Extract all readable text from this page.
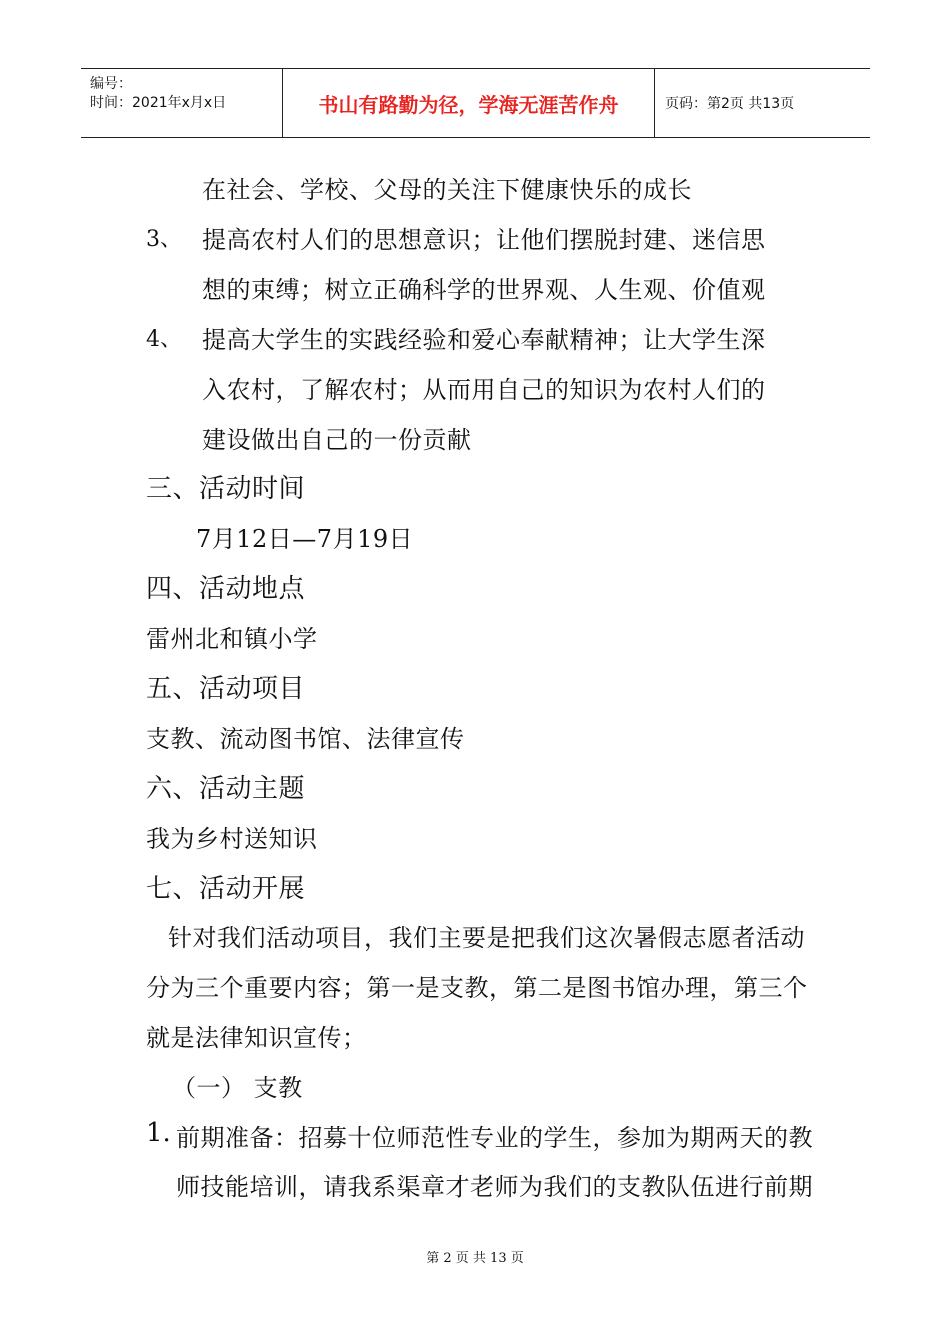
编号：
时间：2021年x月x日	书山有路勤为径，学海无涯苦作舟	页码：第2页 共13页
在社会、学校、父母的关注下健康快乐的成长
3、 提高农村人们的思想意识；让他们摆脱封建、迷信思
想的束缚；树立正确科学的世界观、人生观、价值观
4、 提高大学生的实践经验和爱心奉献精神；让大学生深
入农村，了解农村；从而用自己的知识为农村人们的
建设做出自己的一份贡献
三、活动时间
7月12日—7月19日
四、活动地点
雷州北和镇小学
五、活动项目
支教、流动图书馆、法律宣传
六、活动主题
我为乡村送知识
七、活动开展
针对我们活动项目，我们主要是把我们这次暑假志愿者活动
分为三个重要内容；第一是支教，第二是图书馆办理，第三个
就是法律知识宣传；
（一） 支教
1. 前期准备：招募十位师范性专业的学生，参加为期两天的教
师技能培训，请我系渠章才老师为我们的支教队伍进行前期
第 2 页 共 13 页
